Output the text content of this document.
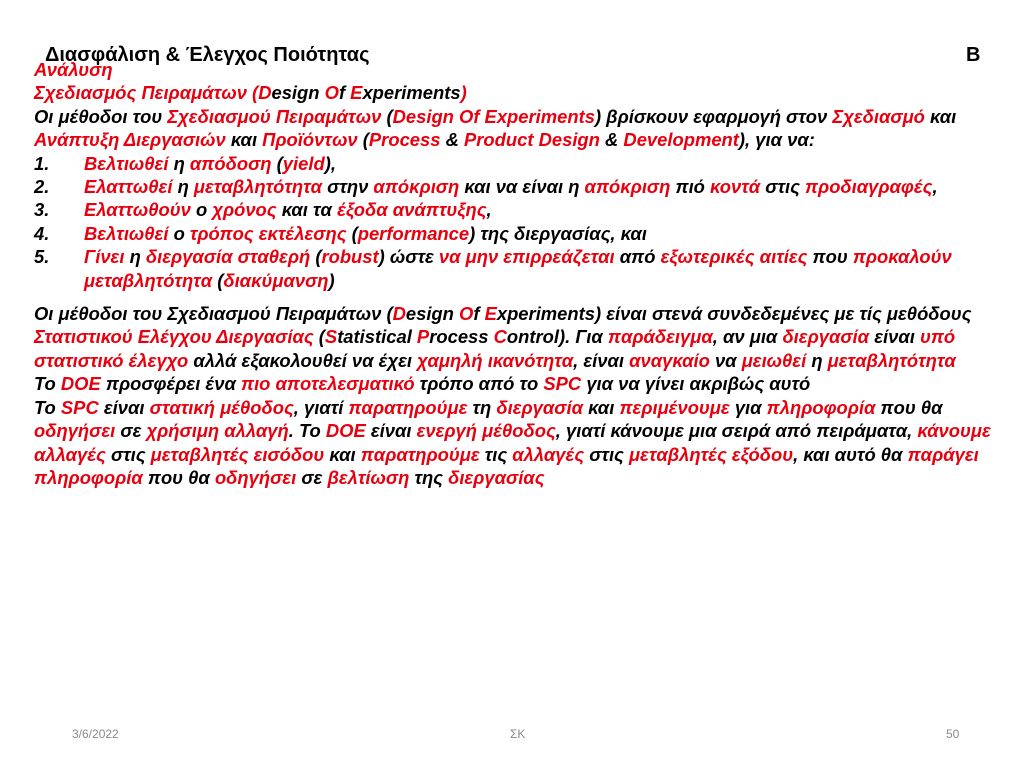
Διασφάλιση & Έλεγχος Ποιότητας	B

Ανάλυση

Σχεδιασμός Πειραμάτων (Design Of Experiments)

Οι μέθοδοι του Σχεδιασμού Πειραμάτων (Design Of Experiments) βρίσκουν εφαρμογή στον Σχεδιασμό και Ανάπτυξη Διεργασιών και Προϊόντων (Process & Product Design & Development), για να:

1. Βελτιωθεί η απόδοση (yield),
2. Ελαττωθεί η μεταβλητότητα στην απόκριση και να είναι η απόκριση πιό κοντά στις προδιαγραφές,
3. Ελαττωθούν ο χρόνος και τα έξοδα ανάπτυξης,
4. Βελτιωθεί ο τρόπος εκτέλεσης (performance) της διεργασίας, και
5. Γίνει η διεργασία σταθερή (robust) ώστε να μην επιρρεάζεται από εξωτερικές αιτίες που προκαλούν μεταβλητότητα (διακύμανση)

Οι μέθοδοι του Σχεδιασμού Πειραμάτων (Design Of Experiments) είναι στενά συνδεδεμένες με τίς μεθόδους Στατιστικού Ελέγχου Διεργασίας (Statistical Process Control). Για παράδειγμα, αν μια διεργασία είναι υπό στατιστικό έλεγχο αλλά εξακολουθεί να έχει χαμηλή ικανότητα, είναι αναγκαίο να μειωθεί η μεταβλητότητα

Το DOE προσφέρει ένα πιο αποτελεσματικό τρόπο από το SPC για να γίνει ακριβώς αυτό

Το SPC είναι στατική μέθοδος, γιατί παρατηρούμε τη διεργασία και περιμένουμε για πληροφορία που θα οδηγήσει σε χρήσιμη αλλαγή. Το DOE είναι ενεργή μέθοδος, γιατί κάνουμε μια σειρά από πειράματα, κάνουμε αλλαγές στις μεταβλητές εισόδου και παρατηρούμε τις αλλαγές στις μεταβλητές εξόδου, και αυτό θα παράγει πληροφορία που θα οδηγήσει σε βελτίωση της διεργασίας

3/6/2022	ΣΚ	50
